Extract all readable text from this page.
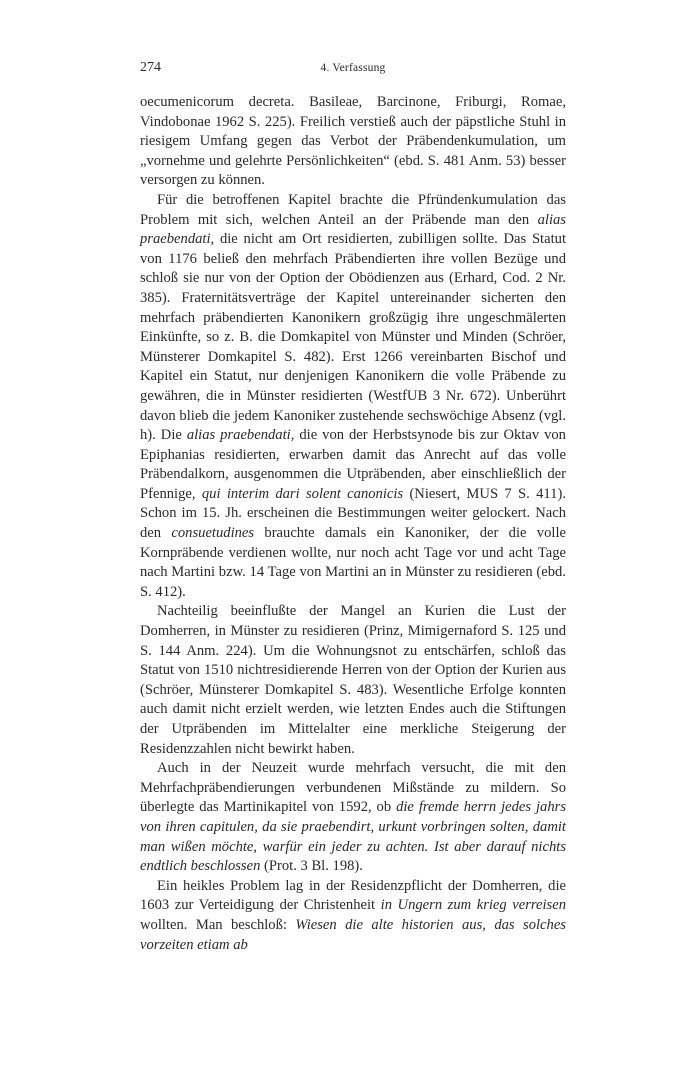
274	4. Verfassung

oecumenicorum decreta. Basileae, Barcinone, Friburgi, Romae, Vindobonae 1962 S. 225). Freilich verstieß auch der päpstliche Stuhl in riesigem Umfang gegen das Verbot der Präbendenkumulation, um „vornehme und gelehrte Persönlichkeiten“ (ebd. S. 481 Anm. 53) besser versorgen zu können.

Für die betroffenen Kapitel brachte die Pfründenkumulation das Problem mit sich, welchen Anteil an der Präbende man den alias praebendati, die nicht am Ort residierten, zubilligen sollte. Das Statut von 1176 beließ den mehrfach Präbendierten ihre vollen Bezüge und schloß sie nur von der Option der Obödienzen aus (Erhard, Cod. 2 Nr. 385). Fraternitätsverträge der Kapitel untereinander sicherten den mehrfach präbendierten Kanonikern großzügig ihre ungeschmälerten Einkünfte, so z. B. die Domkapitel von Münster und Minden (Schröer, Münsterer Domkapitel S. 482). Erst 1266 vereinbarten Bischof und Kapitel ein Statut, nur denjenigen Kanonikern die volle Präbende zu gewähren, die in Münster residierten (WestfUB 3 Nr. 672). Unberührt davon blieb die jedem Kanoniker zustehende sechswöchige Absenz (vgl. h). Die alias praebendati, die von der Herbstsynode bis zur Oktav von Epiphanias residierten, erwarben damit das Anrecht auf das volle Präbendalkorn, ausgenommen die Utpräbenden, aber einschließlich der Pfennige, qui interim dari solent canonicis (Niesert, MUS 7 S. 411). Schon im 15. Jh. erscheinen die Bestimmungen weiter gelockert. Nach den consuetudines brauchte damals ein Kanoniker, der die volle Kornpräbende verdienen wollte, nur noch acht Tage vor und acht Tage nach Martini bzw. 14 Tage von Martini an in Münster zu residieren (ebd. S. 412).

Nachteilig beeinflußte der Mangel an Kurien die Lust der Domherren, in Münster zu residieren (Prinz, Mimigernaford S. 125 und S. 144 Anm. 224). Um die Wohnungsnot zu entschärfen, schloß das Statut von 1510 nichtresidierende Herren von der Option der Kurien aus (Schröer, Münsterer Domkapitel S. 483). Wesentliche Erfolge konnten auch damit nicht erzielt werden, wie letzten Endes auch die Stiftungen der Utpräbenden im Mittelalter eine merkliche Steigerung der Residenzzahlen nicht bewirkt haben.

Auch in der Neuzeit wurde mehrfach versucht, die mit den Mehrfachpräbendierungen verbundenen Mißstände zu mildern. So überlegte das Martinikapitel von 1592, ob die fremde herrn jedes jahrs von ihren capitulen, da sie praebendirt, urkunt vorbringen solten, damit man wißen möchte, warfür ein jeder zu achten. Ist aber darauf nichts endtlich beschlossen (Prot. 3 Bl. 198).

Ein heikles Problem lag in der Residenzpflicht der Domherren, die 1603 zur Verteidigung der Christenheit in Ungern zum krieg verreisen wollten. Man beschloß: Wiesen die alte historien aus, das solches vorzeiten etiam ab
